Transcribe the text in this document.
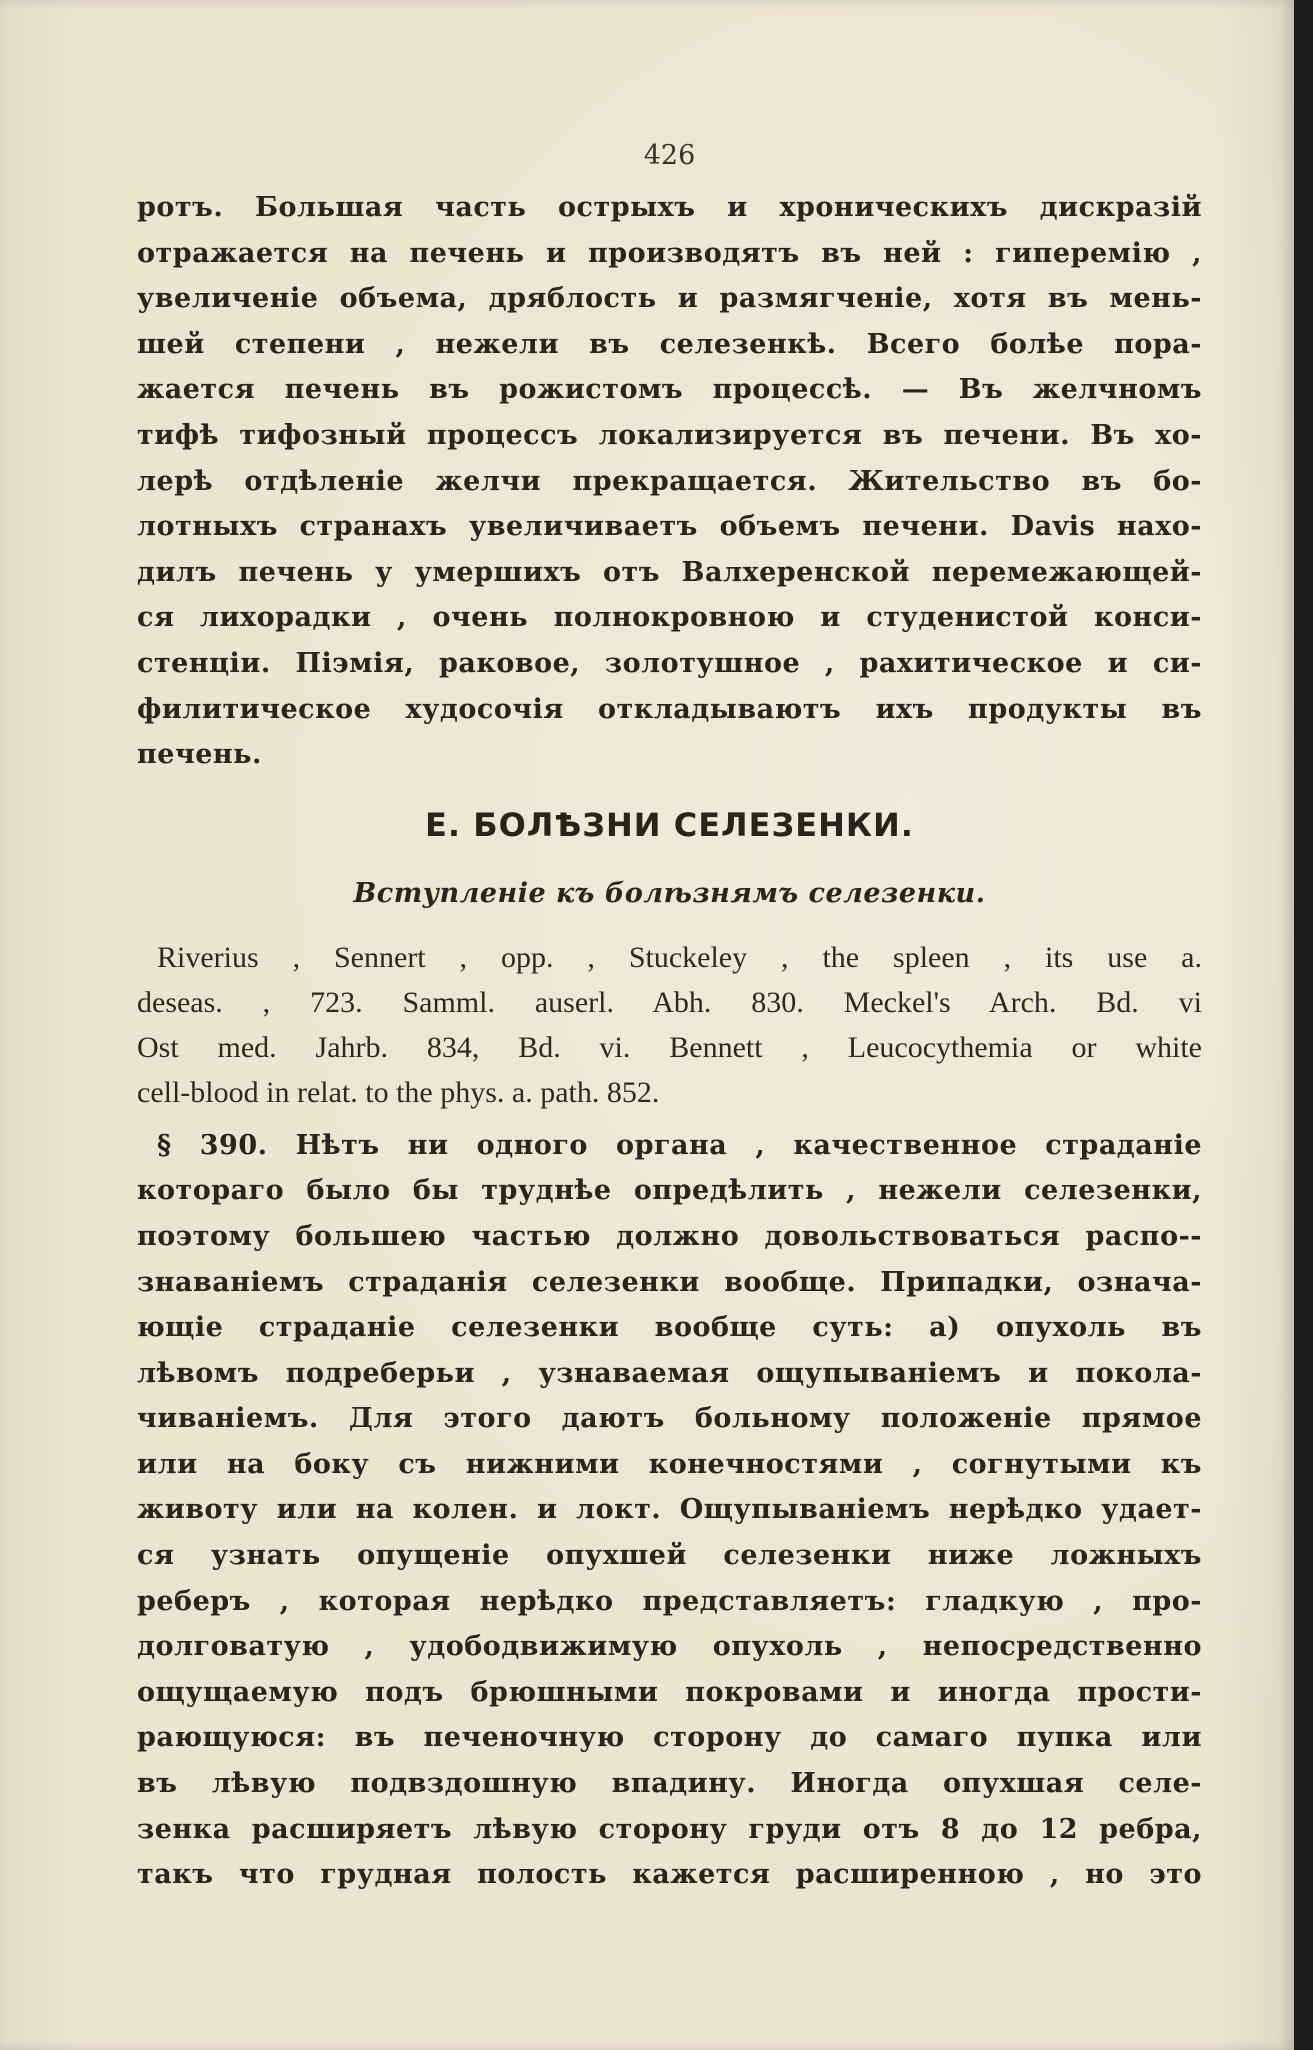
426
ротъ. Большая часть острыхъ и хроническихъ дискразій
отражается на печень и производятъ въ ней : гиперемію ,
увеличеніе объема, дряблость и размягченіе, хотя въ мень-
шей степени , нежели въ селезенкѣ. Всего болѣе пора-
жается печень въ рожистомъ процессѣ. — Въ желчномъ
тифѣ тифозный процессъ локализируется въ печени. Въ хо-
лерѣ отдѣленіе желчи прекращается. Жительство въ бо-
лотныхъ странахъ увеличиваетъ объемъ печени. Davis нахо-
дилъ печень у умершихъ отъ Валхеренской перемежающей-
ся лихорадки , очень полнокровною и студенистой конси-
стенціи. Піэмія, раковое, золотушное , рахитическое и си-
филитическое худосочія откладываютъ ихъ продукты въ
печень.
Е. БОЛѢЗНИ СЕЛЕЗЕНКИ.
Вступленіе къ болѣзнямъ селезенки.
Riverius , Sennert , opp. , Stuckeley , the spleen , its use a.
deseas. , 723. Samml. auserl. Abh. 830. Meckel's Arch. Bd. vi
Ost med. Jahrb. 834, Bd. vi. Bennett , Leucocythemia or white
cell-blood in relat. to the phys. a. path. 852.
§ 390. Нѣтъ ни одного органа , качественное страданіе
котораго было бы труднѣе опредѣлить , нежели селезенки,
поэтому большею частью должно довольствоваться распо--
знаваніемъ страданія селезенки вообще. Припадки, означа-
ющіе страданіе селезенки вообще суть: а) опухоль въ
лѣвомъ подреберьи , узнаваемая ощупываніемъ и покола-
чиваніемъ. Для этого даютъ больному положеніе прямое
или на боку съ нижними конечностями , согнутыми къ
животу или на колен. и локт. Ощупываніемъ нерѣдко удает-
ся узнать опущеніе опухшей селезенки ниже ложныхъ
реберъ , которая нерѣдко представляетъ: гладкую , про-
долговатую , удободвижимую опухоль , непосредственно
ощущаемую подъ брюшными покровами и иногда прости-
рающуюся: въ печеночную сторону до самаго пупка или
въ лѣвую подвздошную впадину. Иногда опухшая селе-
зенка расширяетъ лѣвую сторону груди отъ 8 до 12 ребра,
такъ что грудная полость кажется расширенною , но это
